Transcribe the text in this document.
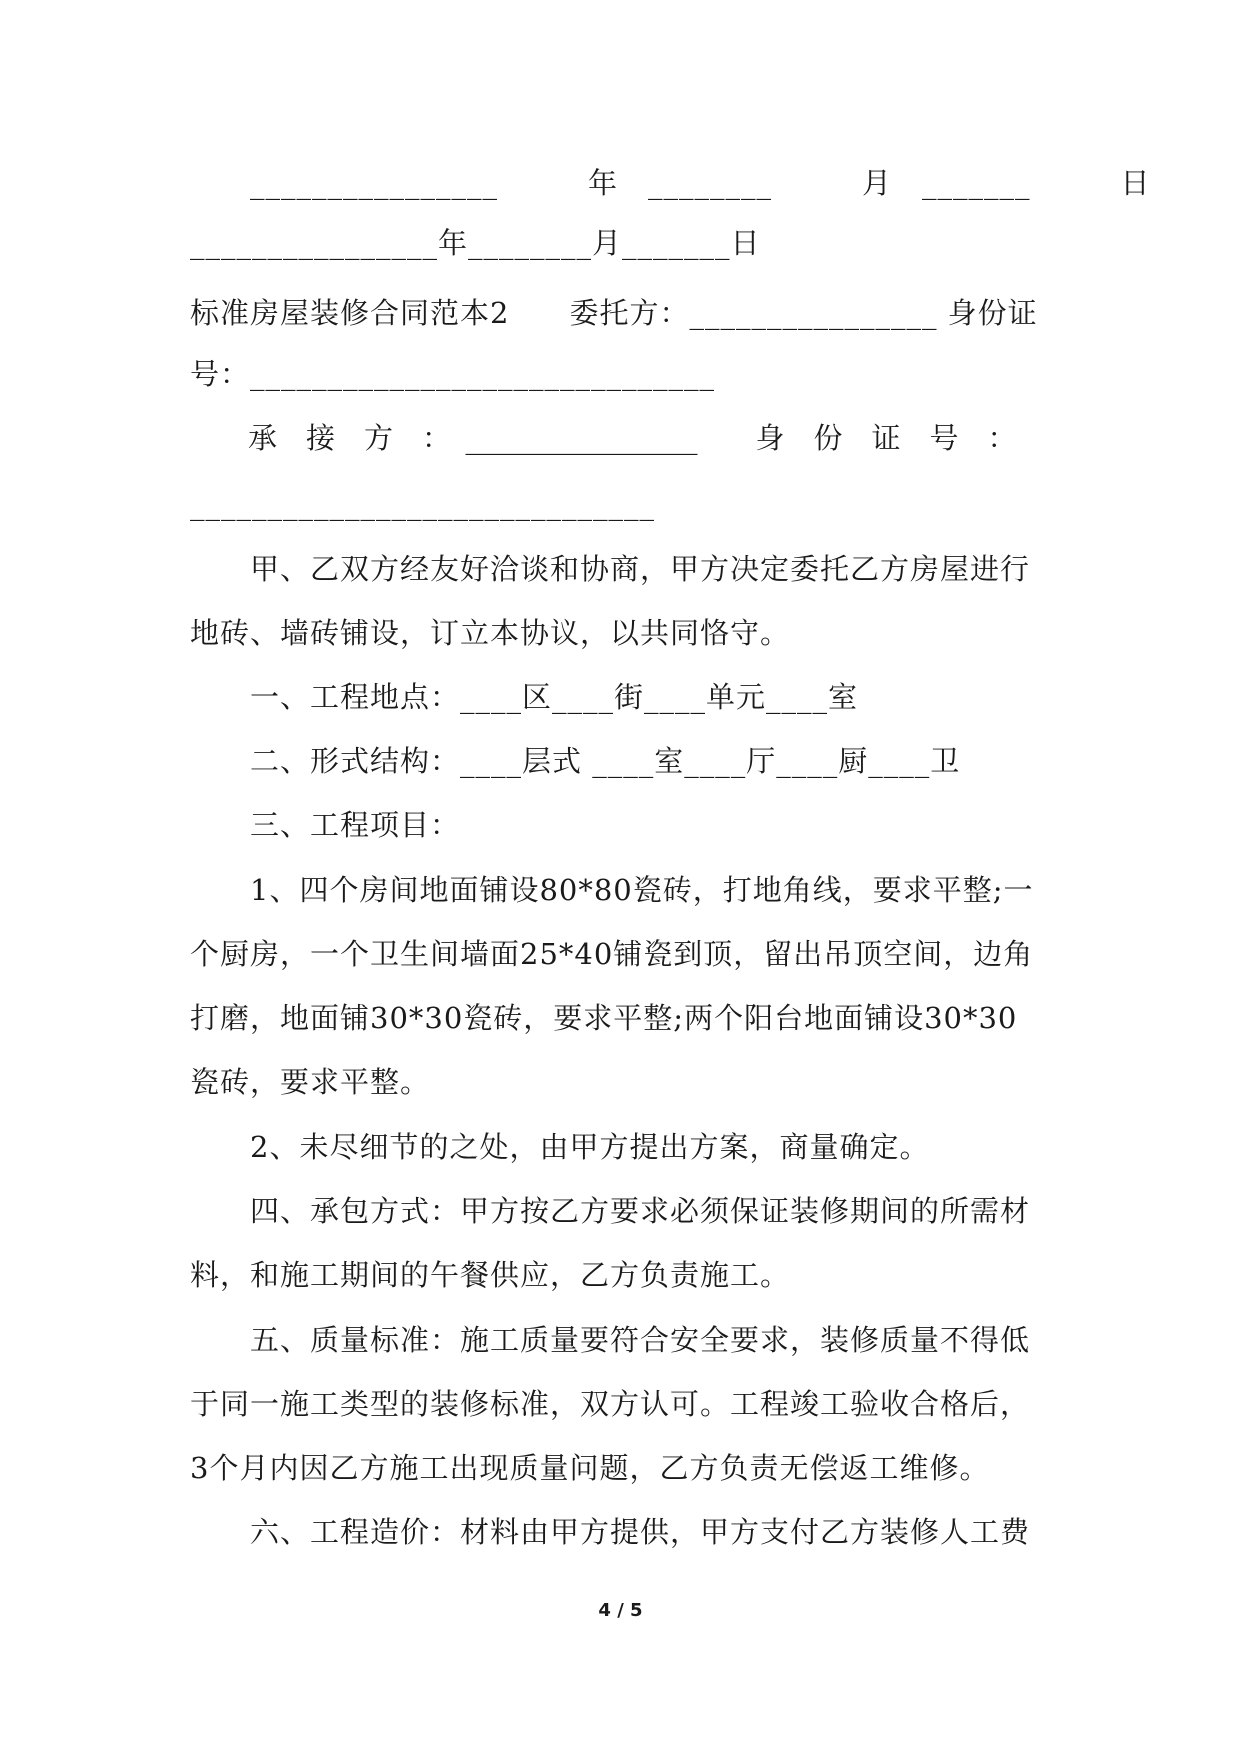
　　________________　　　年　________　　　月　_______　　　日
________________年________月_______日
标准房屋装修合同范本2　　委托方：________________ 身份证
号：______________________________
　　承　接　方　：　________________　　身　份　证　号　：
______________________________
　　甲、乙双方经友好洽谈和协商，甲方决定委托乙方房屋进行
地砖、墙砖铺设，订立本协议，以共同恪守。
　　一、工程地点：____区____街____单元____室
　　二、形式结构：____层式 ____室____厅____厨____卫
　　三、工程项目：
　　1、四个房间地面铺设80*80瓷砖，打地角线，要求平整;一
个厨房，一个卫生间墙面25*40铺瓷到顶，留出吊顶空间，边角
打磨，地面铺30*30瓷砖，要求平整;两个阳台地面铺设30*30
瓷砖，要求平整。
　　2、未尽细节的之处，由甲方提出方案，商量确定。
　　四、承包方式：甲方按乙方要求必须保证装修期间的所需材
料，和施工期间的午餐供应，乙方负责施工。
　　五、质量标准：施工质量要符合安全要求，装修质量不得低
于同一施工类型的装修标准，双方认可。工程竣工验收合格后，
3个月内因乙方施工出现质量问题，乙方负责无偿返工维修。
　　六、工程造价：材料由甲方提供，甲方支付乙方装修人工费
4 / 5
